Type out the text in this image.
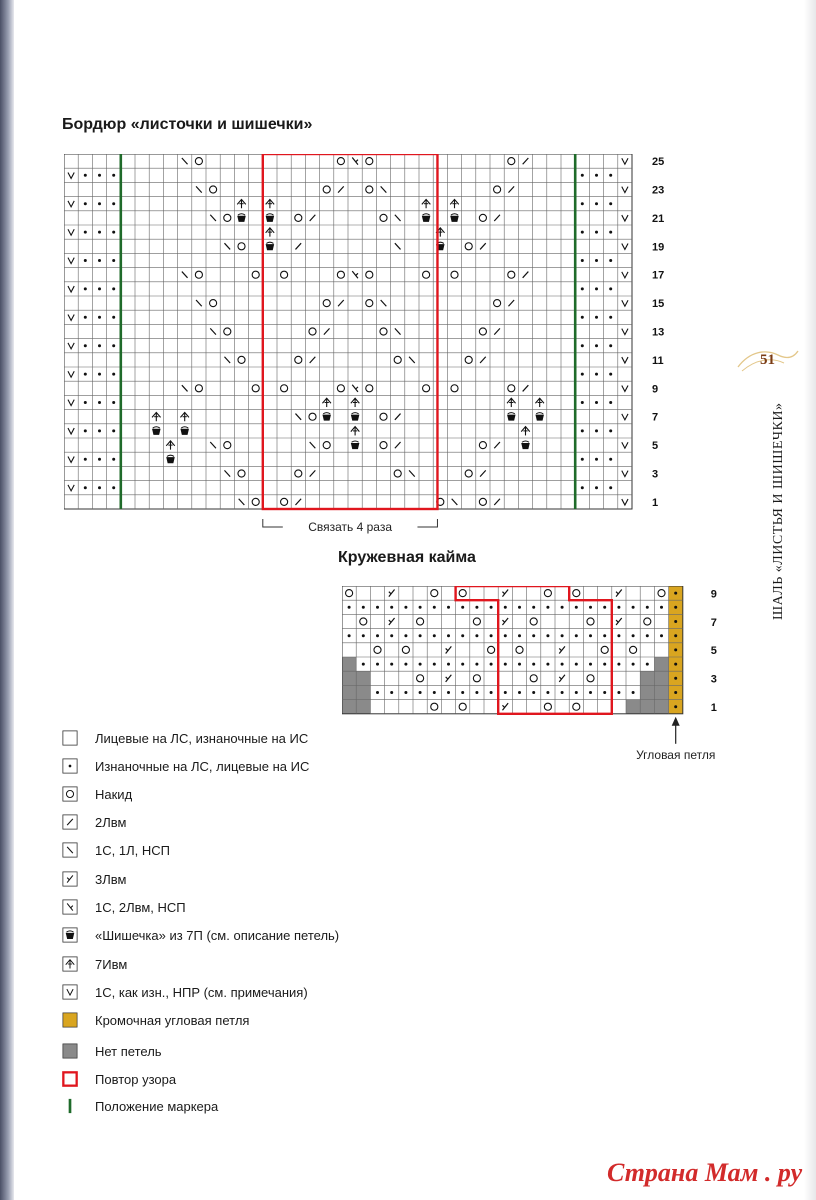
Бордюр «листочки и шишечки»
25
23
21
19
17
15
13
11
9
7
5
3
1
Связать 4 раза
Кружевная кайма
9
7
5
3
1
Угловая петля
51
ШАЛЬ «ЛИСТЬЯ И ШИШЕЧКИ»
Лицевые на ЛС, изнаночные на ИС
Изнаночные на ЛС, лицевые на ИС
Накид
2Лвм
1С, 1Л, НСП
3Лвм
1С, 2Лвм, НСП
«Шишечка» из 7П (см. описание петель)
7Ивм
1С, как изн., НПР (см. примечания)
Кромочная угловая петля
Нет петель
Повтор узора
Положение маркера
Страна Мам . ру
